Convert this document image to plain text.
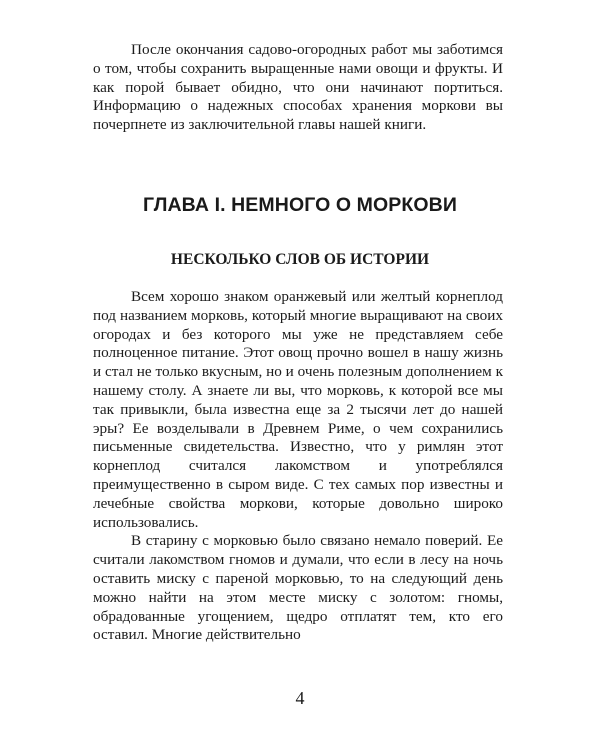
После окончания садово-огородных работ мы заботимся о том, чтобы сохранить выращенные нами овощи и фрукты. И как порой бывает обидно, что они начинают портиться. Информацию о надежных способах хранения моркови вы почерпнете из заключительной главы нашей книги.

ГЛАВА I. НЕМНОГО О МОРКОВИ
НЕСКОЛЬКО СЛОВ ОБ ИСТОРИИ

Всем хорошо знаком оранжевый или желтый корнеплод под названием морковь, который многие выращивают на своих огородах и без которого мы уже не представляем себе полноценное питание. Этот овощ прочно вошел в нашу жизнь и стал не только вкусным, но и очень полезным дополнением к нашему столу. А знаете ли вы, что морковь, к которой все мы так привыкли, была известна еще за 2 тысячи лет до нашей эры? Ее возделывали в Древнем Риме, о чем сохранились письменные свидетельства. Известно, что у римлян этот корнеплод считался лакомством и употреблялся преимущественно в сыром виде. С тех самых пор известны и лечебные свойства моркови, которые довольно широко использовались.

В старину с морковью было связано немало поверий. Ее считали лакомством гномов и думали, что если в лесу на ночь оставить миску с пареной морковью, то на следующий день можно найти на этом месте миску с золотом: гномы, обрадованные угощением, щедро отплатят тем, кто его оставил. Многие действительно

4
